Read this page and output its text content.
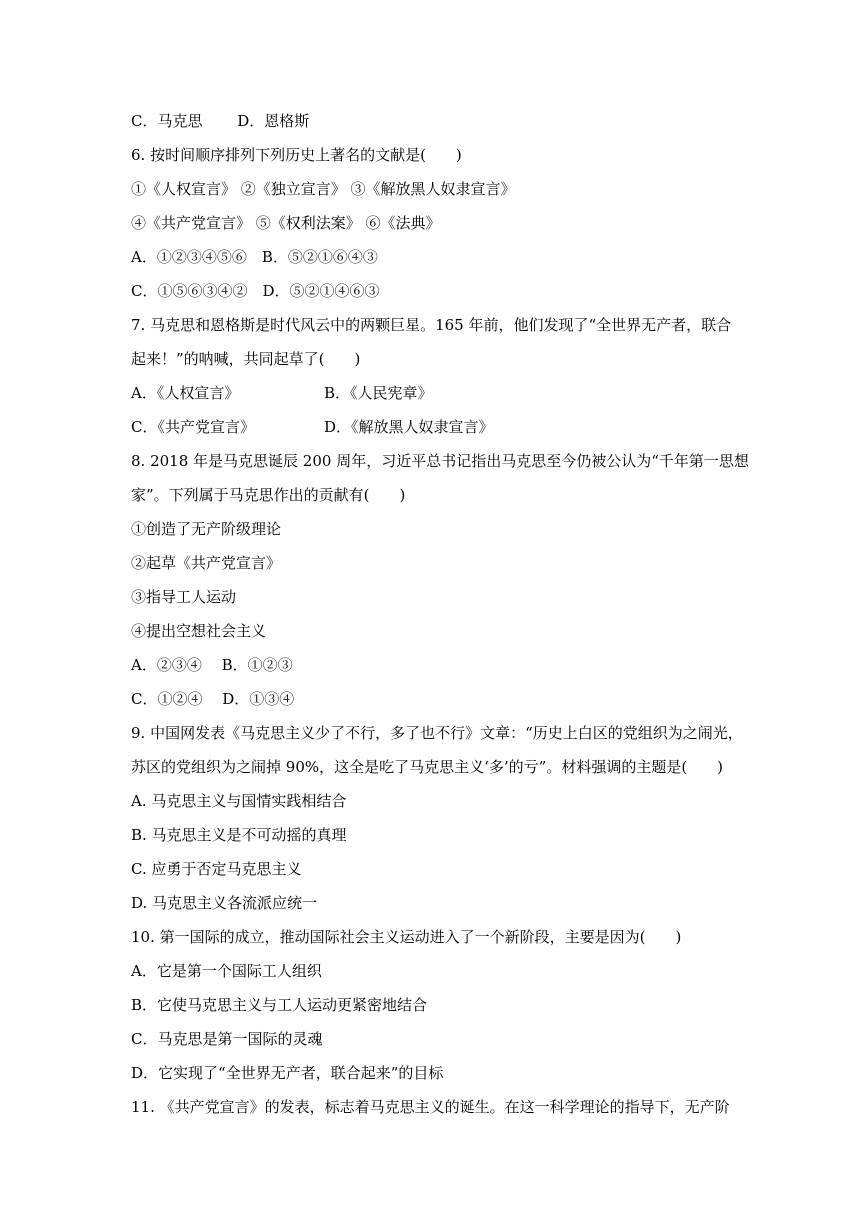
C．马克思　　 D．恩格斯
6. 按时间顺序排列下列历史上著名的文献是(　　)
①《人权宣言》 ②《独立宣言》 ③《解放黑人奴隶宣言》
④《共产党宣言》 ⑤《权利法案》 ⑥《法典》
A．①②③④⑤⑥　B．⑤②①⑥④③
C．①⑤⑥③④②　D．⑤②①④⑥③
7. 马克思和恩格斯是时代风云中的两颗巨星。165 年前，他们发现了“全世界无产者，联合
起来！”的呐喊，共同起草了(　　)
A．《人权宣言》	B．《人民宪章》
C．《共产党宣言》	D．《解放黑人奴隶宣言》
8. 2018 年是马克思诞辰 200 周年，习近平总书记指出马克思至今仍被公认为“千年第一思想
家”。下列属于马克思作出的贡献有(　　)
①创造了无产阶级理论
②起草《共产党宣言》
③指导工人运动
④提出空想社会主义
A．②③④　 B．①②③
C．①②④　 D．①③④
9. 中国网发表《马克思主义少了不行，多了也不行》文章：“历史上白区的党组织为之闹光，
苏区的党组织为之闹掉 90%，这全是吃了马克思主义‘多’的亏”。材料强调的主题是(　　)
A. 马克思主义与国情实践相结合
B. 马克思主义是不可动摇的真理
C. 应勇于否定马克思主义
D. 马克思主义各流派应统一
10. 第一国际的成立，推动国际社会主义运动进入了一个新阶段，主要是因为(　　)
A．它是第一个国际工人组织
B．它使马克思主义与工人运动更紧密地结合
C．马克思是第一国际的灵魂
D．它实现了“全世界无产者，联合起来”的目标
11. 《共产党宣言》的发表，标志着马克思主义的诞生。在这一科学理论的指导下，无产阶
